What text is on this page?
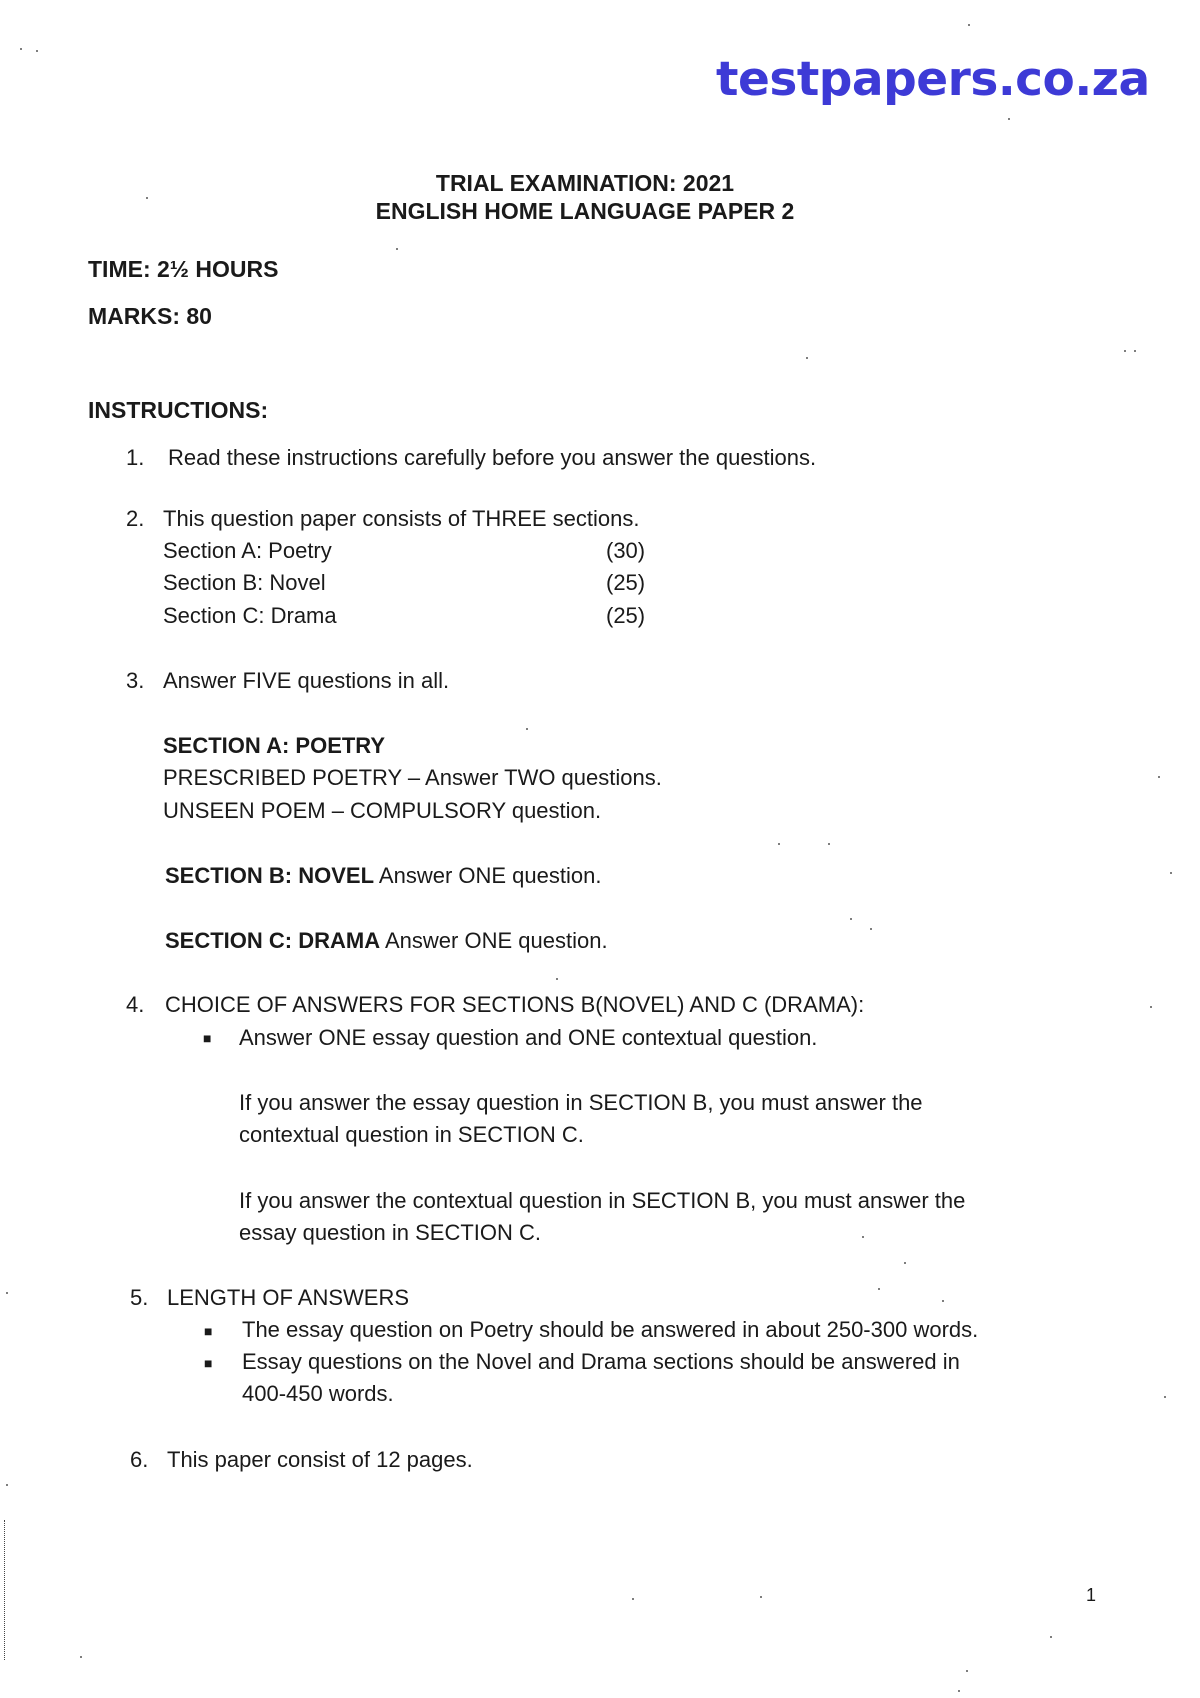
testpapers.co.za
TRIAL EXAMINATION: 2021
ENGLISH HOME LANGUAGE PAPER 2
TIME: 2½ HOURS
MARKS: 80
INSTRUCTIONS:
1. Read these instructions carefully before you answer the questions.
2. This question paper consists of THREE sections.
Section A: Poetry	(30)
Section B: Novel	(25)
Section C: Drama	(25)
3. Answer FIVE questions in all.
SECTION A: POETRY
PRESCRIBED POETRY – Answer TWO questions.
UNSEEN POEM – COMPULSORY question.
SECTION B: NOVEL Answer ONE question.
SECTION C: DRAMA Answer ONE question.
4. CHOICE OF ANSWERS FOR SECTIONS B(NOVEL) AND C (DRAMA):
■ Answer ONE essay question and ONE contextual question.
If you answer the essay question in SECTION B, you must answer the
contextual question in SECTION C.
If you answer the contextual question in SECTION B, you must answer the
essay question in SECTION C.
5. LENGTH OF ANSWERS
■ The essay question on Poetry should be answered in about 250-300 words.
■ Essay questions on the Novel and Drama sections should be answered in
400-450 words.
6. This paper consist of 12 pages.
1
